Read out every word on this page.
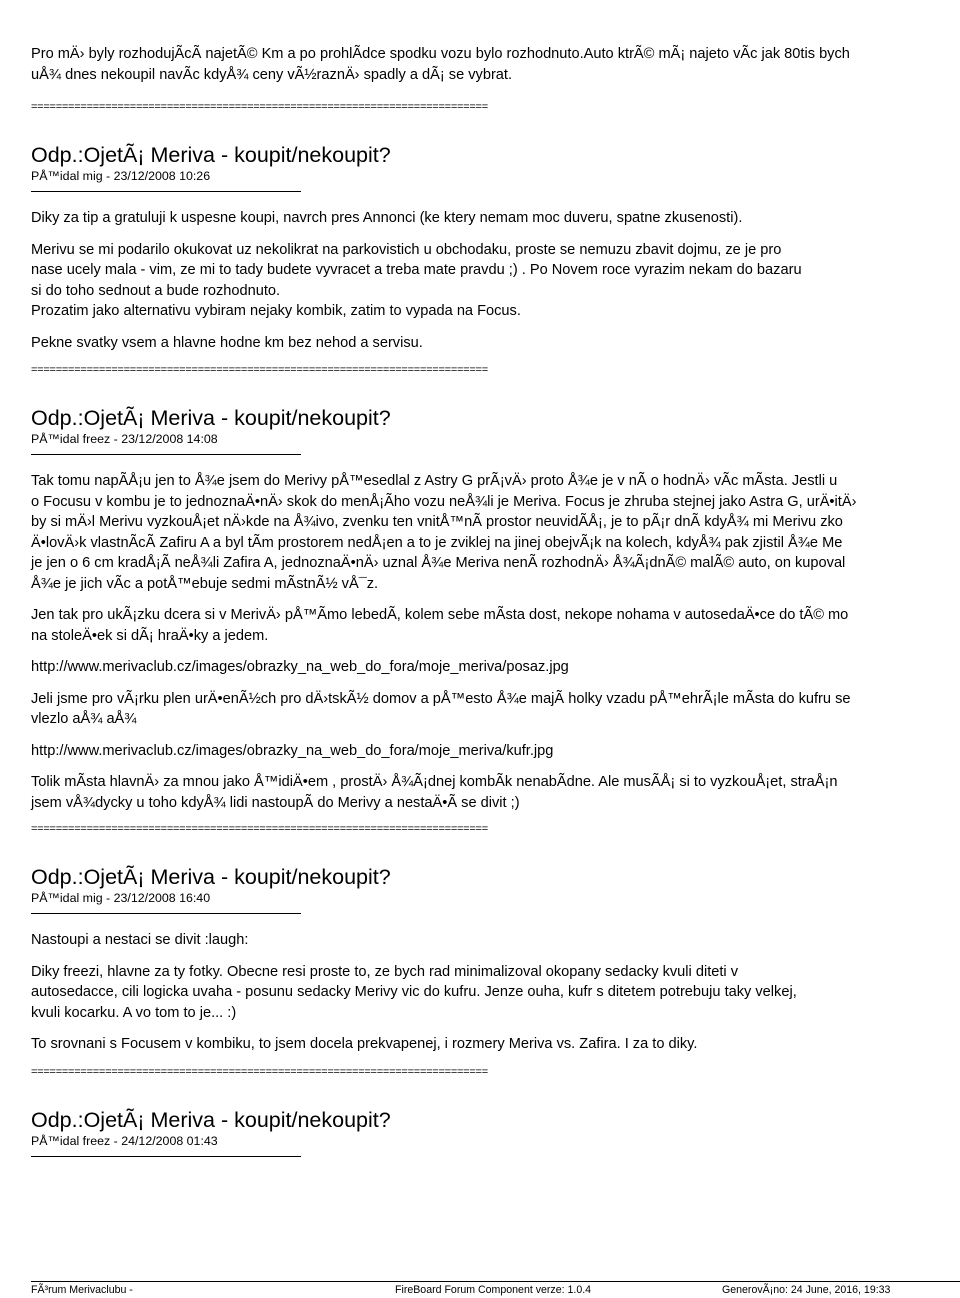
Pro mÄ› byly rozhodujÃcÃ najetÃ© Km a po prohlÃdce spodku vozu bylo rozhodnuto.Auto ktrÃ© mÃ¡ najeto vÃc jak 80tis bych
uÅ¾ dnes nekoupil navÃc kdyÅ¾ ceny vÃ½raznÄ› spadly a dÃ¡ se vybrat.
==========================================================================
Odp.:OjetÃ¡ Meriva - koupit/nekoupit?
PÅ™idal mig - 23/12/2008 10:26
Diky za tip a gratuluji k uspesne koupi, navrch pres Annonci (ke ktery nemam moc duveru, spatne zkusenosti).
Merivu se mi podarilo okukovat uz nekolikrat na parkovistich u obchodaku, proste se nemuzu zbavit dojmu, ze je pro
nase ucely mala - vim, ze mi to tady budete vyvracet a treba mate pravdu ;) . Po Novem roce vyrazim nekam do bazaru
si do toho sednout a bude rozhodnuto.
Prozatim jako alternativu vybiram nejaky kombik, zatim to vypada na Focus.
Pekne svatky vsem a hlavne hodne km bez nehod a servisu.
==========================================================================
Odp.:OjetÃ¡ Meriva - koupit/nekoupit?
PÅ™idal freez - 23/12/2008 14:08
Tak tomu napÃÅ¡u jen to Å¾e jsem do Merivy pÅ™esedlal z Astry G prÃ¡vÄ› proto Å¾e je v nÃ o hodnÄ› vÃc mÃsta. Jestli u
o Focusu v kombu je to jednoznaÄ•nÄ› skok do menÅ¡Ãho vozu neÅ¾li je Meriva. Focus je zhruba stejnej jako Astra G, urÄ•itÄ›
by si mÄ›l Merivu vyzkouÅ¡et nÄ›kde na Å¾ivo, zvenku ten vnitÅ™nÃ prostor neuvidÃÅ¡, je to pÃ¡r dnÃ kdyÅ¾ mi Merivu zko
Ä•lovÄ›k vlastnÃcÃ Zafiru A a byl tÃm prostorem nedÅ¡en a to je zviklej na jinej obejvÃ¡k na kolech, kdyÅ¾ pak zjistil Å¾e Me
je jen o 6 cm kradÅ¡Ã neÅ¾li Zafira A, jednoznaÄ•nÄ› uznal Å¾e Meriva nenÃ rozhodnÄ› Å¾Ã¡dnÃ© malÃ© auto, on kupoval
Å¾e je jich vÃc a potÅ™ebuje sedmi mÃstnÃ½ vÅ¯z.
Jen tak pro ukÃ¡zku dcera si v MerivÄ› pÅ™Ãmo lebedÃ, kolem sebe mÃsta dost, nekope nohama v autosedaÄ•ce do tÃ© mo
na stoleÄ•ek si dÃ¡ hraÄ•ky a jedem.
http://www.merivaclub.cz/images/obrazky_na_web_do_fora/moje_meriva/posaz.jpg
Jeli jsme pro vÃ¡rku plen urÄ•enÃ½ch pro dÄ›tskÃ½ domov a pÅ™esto Å¾e majÃ holky vzadu pÅ™ehrÃ¡le mÃsta do kufru se
vlezlo aÅ¾ aÅ¾
http://www.merivaclub.cz/images/obrazky_na_web_do_fora/moje_meriva/kufr.jpg
Tolik mÃsta hlavnÄ› za mnou jako Å™idiÄ•em , prostÄ› Å¾Ã¡dnej kombÃk nenabÃdne. Ale musÃÅ¡ si to vyzkouÅ¡et, straÅ¡n
jsem vÅ¾dycky u toho kdyÅ¾ lidi nastoupÃ do Merivy a nestaÄ•Ã se divit ;)
==========================================================================
Odp.:OjetÃ¡ Meriva - koupit/nekoupit?
PÅ™idal mig - 23/12/2008 16:40
Nastoupi a nestaci se divit :laugh:
Diky freezi, hlavne za ty fotky. Obecne resi proste to, ze bych rad minimalizoval okopany sedacky kvuli diteti v
autosedacce, cili logicka uvaha - posunu sedacky Merivy vic do kufru. Jenze ouha, kufr s ditetem potrebuju taky velkej,
kvuli kocarku. A vo tom to je... :)
To srovnani s Focusem v kombiku, to jsem docela prekvapenej, i rozmery Meriva vs. Zafira. I za to diky.
==========================================================================
Odp.:OjetÃ¡ Meriva - koupit/nekoupit?
PÅ™idal freez - 24/12/2008 01:43
FÃ³rum Merivaclubu -	FireBoard Forum Component verze: 1.0.4	GenerovÃ¡no: 24 June, 2016, 19:33
